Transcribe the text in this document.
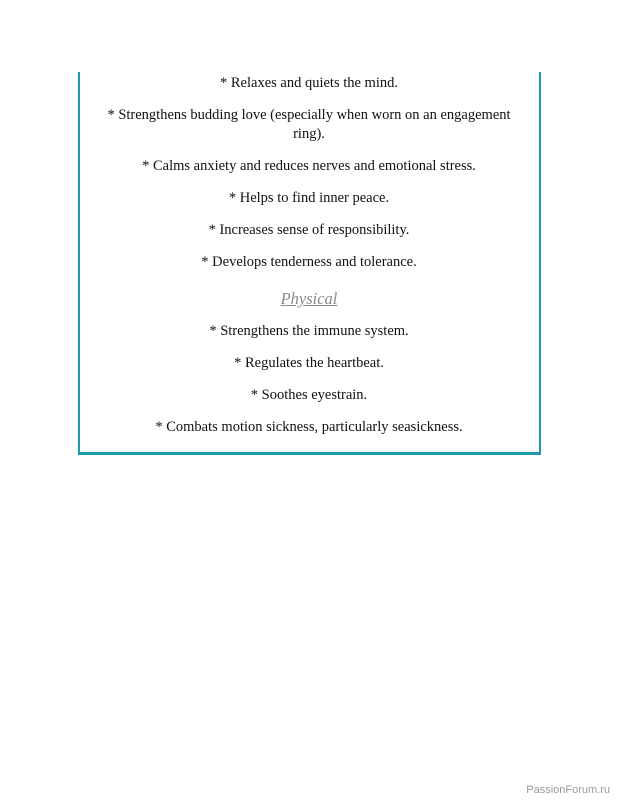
* Relaxes and quiets the mind.
* Strengthens budding love (especially when worn on an engagement ring).
* Calms anxiety and reduces nerves and emotional stress.
* Helps to find inner peace.
* Increases sense of responsibility.
* Develops tenderness and tolerance.
Physical
* Strengthens the immune system.
* Regulates the heartbeat.
* Soothes eyestrain.
* Combats motion sickness, particularly seasickness.
PassionForum.ru
